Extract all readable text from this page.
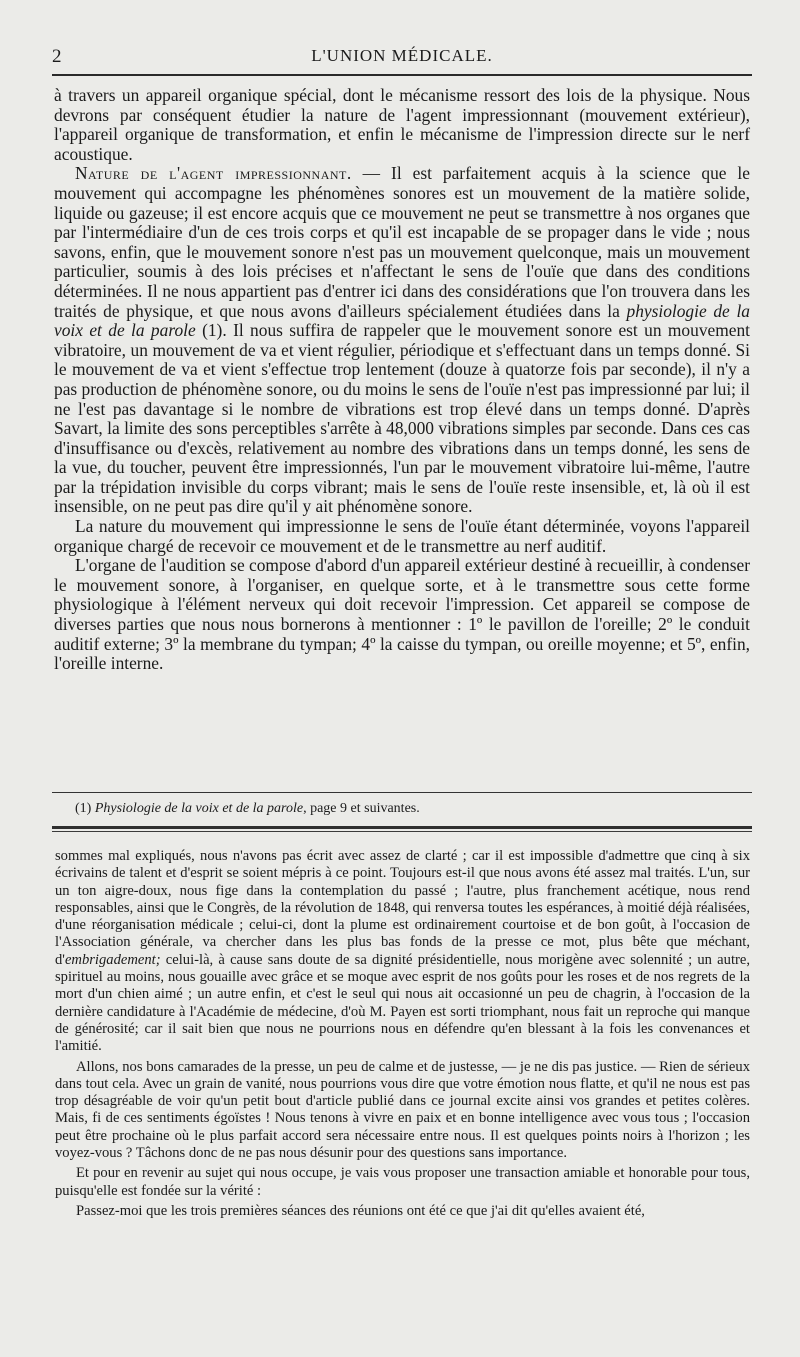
2	L'UNION MÉDICALE.

à travers un appareil organique spécial, dont le mécanisme ressort des lois de la physique. Nous devrons par conséquent étudier la nature de l'agent impressionnant (mouvement extérieur), l'appareil organique de transformation, et enfin le mécanisme de l'impression directe sur le nerf acoustique.

Nature de l'agent impressionnant. — Il est parfaitement acquis à la science que le mouvement qui accompagne les phénomènes sonores est un mouvement de la matière solide, liquide ou gazeuse; il est encore acquis que ce mouvement ne peut se transmettre à nos organes que par l'intermédiaire d'un de ces trois corps et qu'il est incapable de se propager dans le vide ; nous savons, enfin, que le mouvement sonore n'est pas un mouvement quelconque, mais un mouvement particulier, soumis à des lois précises et n'affectant le sens de l'ouïe que dans des conditions déterminées. Il ne nous appartient pas d'entrer ici dans des considérations que l'on trouvera dans les traités de physique, et que nous avons d'ailleurs spécialement étudiées dans la physiologie de la voix et de la parole (1). Il nous suffira de rappeler que le mouvement sonore est un mouvement vibratoire, un mouvement de va et vient régulier, périodique et s'effectuant dans un temps donné. Si le mouvement de va et vient s'effectue trop lentement (douze à quatorze fois par seconde), il n'y a pas production de phénomène sonore, ou du moins le sens de l'ouïe n'est pas impressionné par lui; il ne l'est pas davantage si le nombre de vibrations est trop élevé dans un temps donné. D'après Savart, la limite des sons perceptibles s'arrête à 48,000 vibrations simples par seconde. Dans ces cas d'insuffisance ou d'excès, relativement au nombre des vibrations dans un temps donné, les sens de la vue, du toucher, peuvent être impressionnés, l'un par le mouvement vibratoire lui-même, l'autre par la trépidation invisible du corps vibrant; mais le sens de l'ouïe reste insensible, et, là où il est insensible, on ne peut pas dire qu'il y ait phénomène sonore.

La nature du mouvement qui impressionne le sens de l'ouïe étant déterminée, voyons l'appareil organique chargé de recevoir ce mouvement et de le transmettre au nerf auditif.

L'organe de l'audition se compose d'abord d'un appareil extérieur destiné à recueillir, à condenser le mouvement sonore, à l'organiser, en quelque sorte, et à le transmettre sous cette forme physiologique à l'élément nerveux qui doit recevoir l'impression. Cet appareil se compose de diverses parties que nous nous bornerons à mentionner : 1º le pavillon de l'oreille; 2º le conduit auditif externe; 3º la membrane du tympan; 4º la caisse du tympan, ou oreille moyenne; et 5º, enfin, l'oreille interne.

(1) Physiologie de la voix et de la parole, page 9 et suivantes.

sommes mal expliqués, nous n'avons pas écrit avec assez de clarté ; car il est impossible d'admettre que cinq à six écrivains de talent et d'esprit se soient mépris à ce point. Toujours est-il que nous avons été assez mal traités. L'un, sur un ton aigre-doux, nous fige dans la contemplation du passé ; l'autre, plus franchement acétique, nous rend responsables, ainsi que le Congrès, de la révolution de 1848, qui renversa toutes les espérances, à moitié déjà réalisées, d'une réorganisation médicale ; celui-ci, dont la plume est ordinairement courtoise et de bon goût, à l'occasion de l'Association générale, va chercher dans les plus bas fonds de la presse ce mot, plus bête que méchant, d'embrigadement; celui-là, à cause sans doute de sa dignité présidentielle, nous morigène avec solennité ; un autre, spirituel au moins, nous gouaille avec grâce et se moque avec esprit de nos goûts pour les roses et de nos regrets de la mort d'un chien aimé ; un autre enfin, et c'est le seul qui nous ait occasionné un peu de chagrin, à l'occasion de la dernière candidature à l'Académie de médecine, d'où M. Payen est sorti triomphant, nous fait un reproche qui manque de générosité; car il sait bien que nous ne pourrions nous en défendre qu'en blessant à la fois les convenances et l'amitié.

Allons, nos bons camarades de la presse, un peu de calme et de justesse, — je ne dis pas justice. — Rien de sérieux dans tout cela. Avec un grain de vanité, nous pourrions vous dire que votre émotion nous flatte, et qu'il ne nous est pas trop désagréable de voir qu'un petit bout d'article publié dans ce journal excite ainsi vos grandes et petites colères. Mais, fi de ces sentiments égoïstes ! Nous tenons à vivre en paix et en bonne intelligence avec vous tous ; l'occasion peut être prochaine où le plus parfait accord sera nécessaire entre nous. Il est quelques points noirs à l'horizon ; les voyez-vous ? Tâchons donc de ne pas nous désunir pour des questions sans importance.

Et pour en revenir au sujet qui nous occupe, je vais vous proposer une transaction amiable et honorable pour tous, puisqu'elle est fondée sur la vérité :

Passez-moi que les trois premières séances des réunions ont été ce que j'ai dit qu'elles avaient été,
